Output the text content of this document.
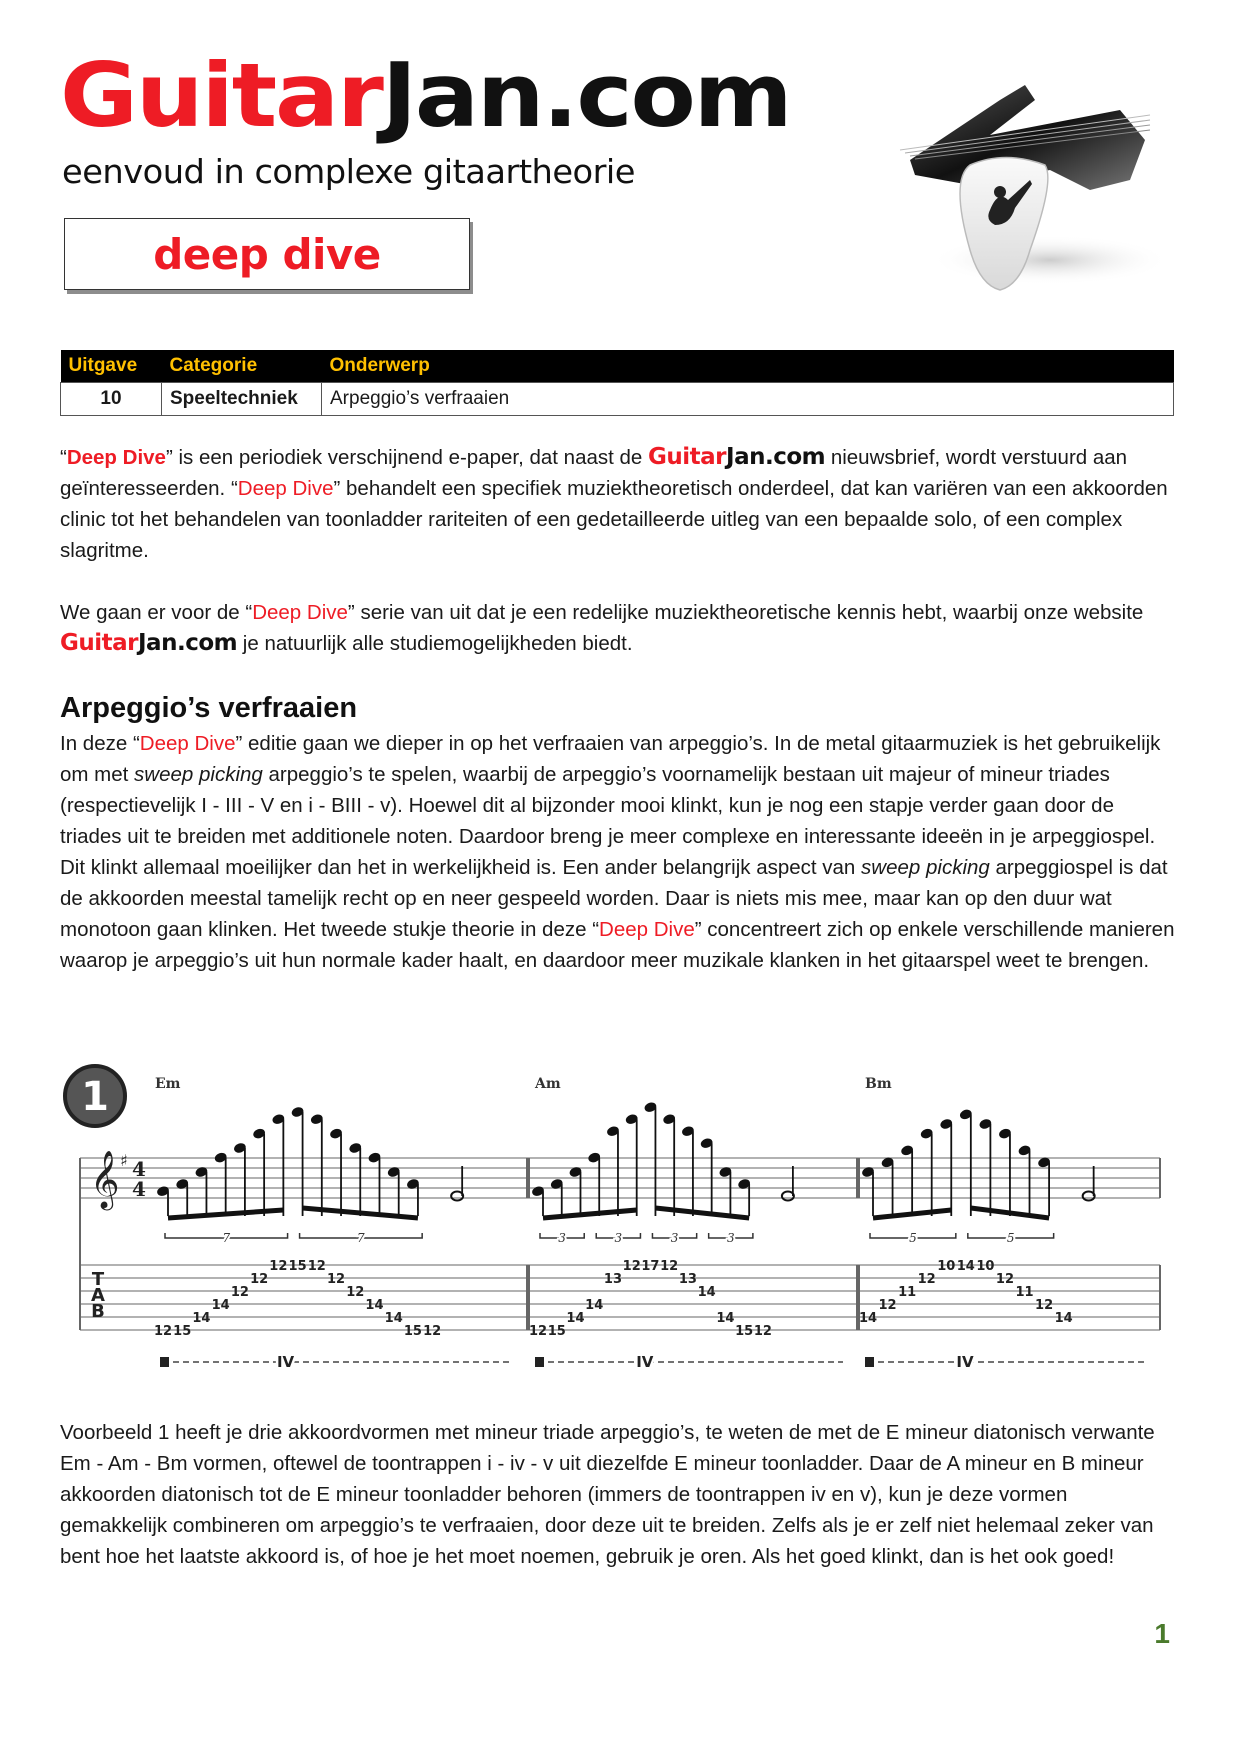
GuitarJan.com
eenvoud in complexe gitaartheorie
deep dive
Uitgave	Categorie	Onderwerp
10	Speeltechniek	Arpeggio’s verfraaien

“Deep Dive” is een periodiek verschijnend e-paper, dat naast de GuitarJan.com nieuwsbrief, wordt verstuurd aan geïnteresseerden. “Deep Dive” behandelt een specifiek muziektheoretisch onderdeel, dat kan variëren van een akkoorden clinic tot het behandelen van toonladder rariteiten of een gedetailleerde uitleg van een bepaalde solo, of een complex slagritme.

We gaan er voor de “Deep Dive” serie van uit dat je een redelijke muziektheoretische kennis hebt, waarbij onze website GuitarJan.com je natuurlijk alle studiemogelijkheden biedt.

Arpeggio’s verfraaien

In deze “Deep Dive” editie gaan we dieper in op het verfraaien van arpeggio’s. In de metal gitaarmuziek is het gebruikelijk om met sweep picking arpeggio’s te spelen, waarbij de arpeggio’s voornamelijk bestaan uit majeur of mineur triades (respectievelijk I - III - V en i - BIII - v). Hoewel dit al bijzonder mooi klinkt, kun je nog een stapje verder gaan door de triades uit te breiden met additionele noten. Daardoor breng je meer complexe en interessante ideeën in je arpeggiospel. Dit klinkt allemaal moeilijker dan het in werkelijkheid is. Een ander belangrijk aspect van sweep picking arpeggiospel is dat de akkoorden meestal tamelijk recht op en neer gespeeld worden. Daar is niets mis mee, maar kan op den duur wat monotoon gaan klinken. Het tweede stukje theorie in deze “Deep Dive” concentreert zich op enkele verschillende manieren waarop je arpeggio’s uit hun normale kader haalt, en daardoor meer muzikale klanken in het gitaarspel weet te brengen.

1
𝄞 ♯ 4
4
T
A
B
Em
12 15
14
14
12
12
12 15 12
12
12
14
14
15 12
7	7
IV
Am
12 15
14
14
13
12 17 12
13
14
14
15 12
3	3	3	3
IV
Bm
14
12
11
12
10 14 10
12
11
12
14
5	5
IV

Voorbeeld 1 heeft je drie akkoordvormen met mineur triade arpeggio’s, te weten de met de E mineur diatonisch verwante Em - Am - Bm vormen, oftewel de toontrappen i - iv - v uit diezelfde E mineur toonladder. Daar de A mineur en B mineur akkoorden diatonisch tot de E mineur toonladder behoren (immers de toontrappen iv en v), kun je deze vormen gemakkelijk combineren om arpeggio’s te verfraaien, door deze uit te breiden. Zelfs als je er zelf niet helemaal zeker van bent hoe het laatste akkoord is, of hoe je het moet noemen, gebruik je oren. Als het goed klinkt, dan is het ook goed!

1
